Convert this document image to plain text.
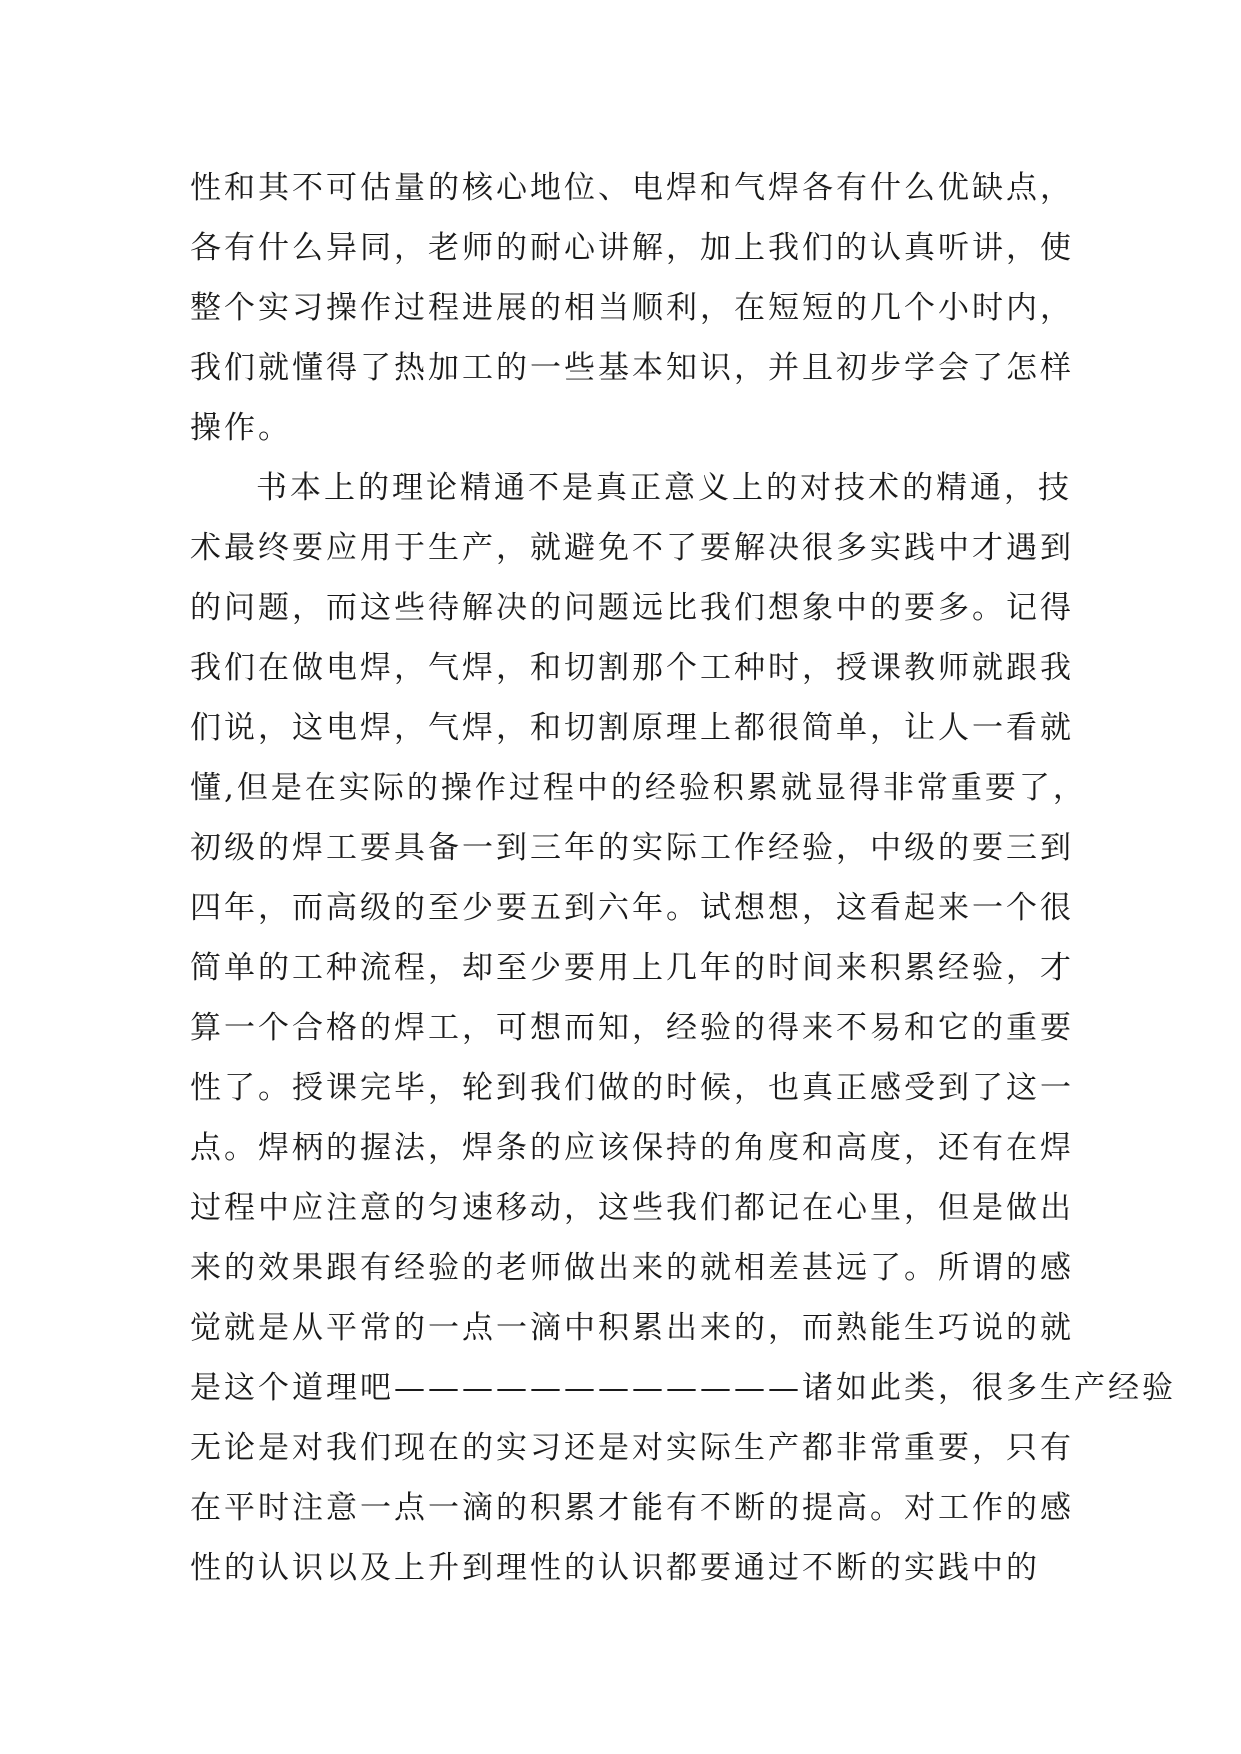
性和其不可估量的核心地位、电焊和气焊各有什么优缺点，
各有什么异同，老师的耐心讲解，加上我们的认真听讲，使
整个实习操作过程进展的相当顺利，在短短的几个小时内，
我们就懂得了热加工的一些基本知识，并且初步学会了怎样
操作。
书本上的理论精通不是真正意义上的对技术的精通，技
术最终要应用于生产，就避免不了要解决很多实践中才遇到
的问题，而这些待解决的问题远比我们想象中的要多。记得
我们在做电焊，气焊，和切割那个工种时，授课教师就跟我
们说，这电焊，气焊，和切割原理上都很简单，让人一看就
懂,但是在实际的操作过程中的经验积累就显得非常重要了，
初级的焊工要具备一到三年的实际工作经验，中级的要三到
四年，而高级的至少要五到六年。试想想，这看起来一个很
简单的工种流程，却至少要用上几年的时间来积累经验，才
算一个合格的焊工，可想而知，经验的得来不易和它的重要
性了。授课完毕，轮到我们做的时候，也真正感受到了这一
点。焊柄的握法，焊条的应该保持的角度和高度，还有在焊
过程中应注意的匀速移动，这些我们都记在心里，但是做出
来的效果跟有经验的老师做出来的就相差甚远了。所谓的感
觉就是从平常的一点一滴中积累出来的，而熟能生巧说的就
是这个道理吧————————————诸如此类，很多生产经验
无论是对我们现在的实习还是对实际生产都非常重要，只有
在平时注意一点一滴的积累才能有不断的提高。对工作的感
性的认识以及上升到理性的认识都要通过不断的实践中的
